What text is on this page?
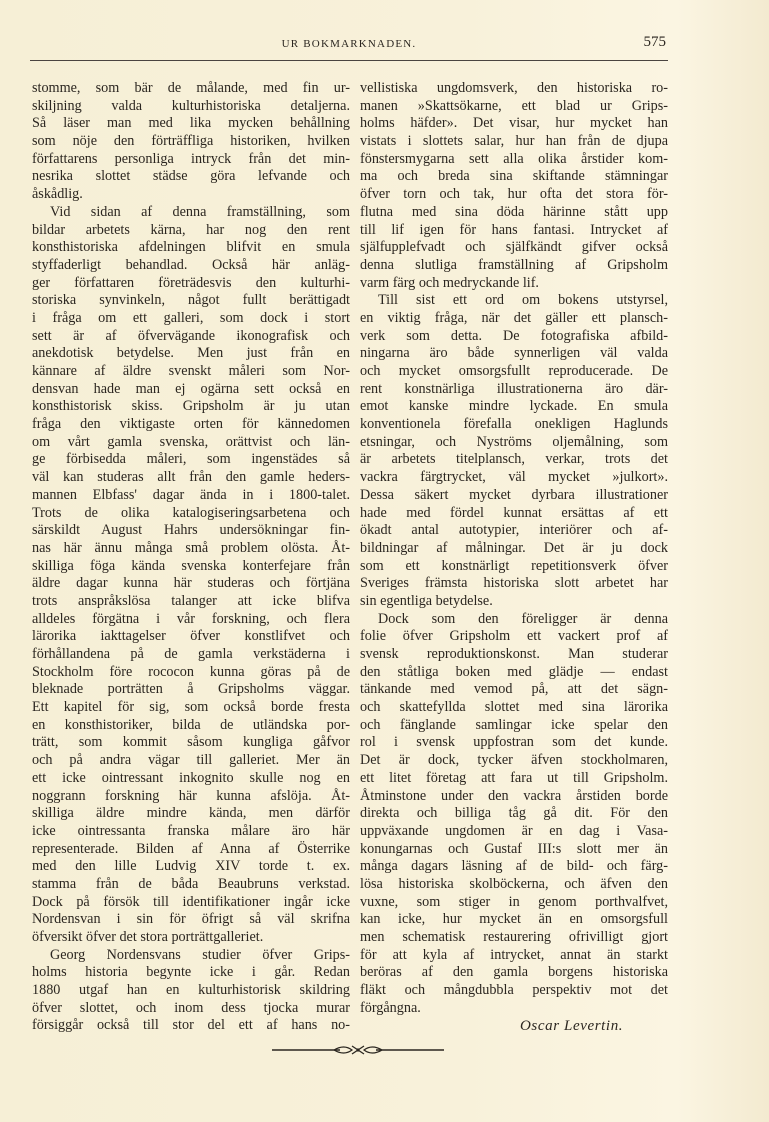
UR BOKMARKNADEN.	575
stomme, som bär de målande, med fin ur-
skiljning valda kulturhistoriska detaljerna.
Så läser man med lika mycken behållning
som nöje den förträffliga historiken, hvilken
författarens personliga intryck från det min-
nesrika slottet städse göra lefvande och
åskådlig.
Vid sidan af denna framställning, som
bildar arbetets kärna, har nog den rent
konsthistoriska afdelningen blifvit en smula
styffaderligt behandlad. Också här anläg-
ger författaren företrädesvis den kulturhi-
storiska synvinkeln, något fullt berättigadt
i fråga om ett galleri, som dock i stort
sett är af öfvervägande ikonografisk och
anekdotisk betydelse. Men just från en
kännare af äldre svenskt måleri som Nor-
densvan hade man ej ogärna sett också en
konsthistorisk skiss. Gripsholm är ju utan
fråga den viktigaste orten för kännedomen
om vårt gamla svenska, orättvist och län-
ge förbisedda måleri, som ingenstädes så
väl kan studeras allt från den gamle heders-
mannen Elbfass' dagar ända in i 1800-talet.
Trots de olika katalogiseringsarbetena och
särskildt August Hahrs undersökningar fin-
nas här ännu många små problem olösta. Åt-
skilliga föga kända svenska konterfejare från
äldre dagar kunna här studeras och förtjäna
trots anspråkslösa talanger att icke blifva
alldeles förgätna i vår forskning, och flera
lärorika iakttagelser öfver konstlifvet och
förhållandena på de gamla verkstäderna i
Stockholm före rococon kunna göras på de
bleknade porträtten å Gripsholms väggar.
Ett kapitel för sig, som också borde fresta
en konsthistoriker, bilda de utländska por-
trätt, som kommit såsom kungliga gåfvor
och på andra vägar till galleriet. Mer än
ett icke ointressant inkognito skulle nog en
noggrann forskning här kunna afslöja. Åt-
skilliga äldre mindre kända, men därför
icke ointressanta franska målare äro här
representerade. Bilden af Anna af Österrike
med den lille Ludvig XIV torde t. ex.
stamma från de båda Beaubruns verkstad.
Dock på försök till identifikationer ingår icke
Nordensvan i sin för öfrigt så väl skrifna
öfversikt öfver det stora porträttgalleriet.
Georg Nordensvans studier öfver Grips-
holms historia begynte icke i går. Redan
1880 utgaf han en kulturhistorisk skildring
öfver slottet, och inom dess tjocka murar
försiggår också till stor del ett af hans no-
vellistiska ungdomsverk, den historiska ro-
manen »Skattsökarne, ett blad ur Grips-
holms häfder». Det visar, hur mycket han
vistats i slottets salar, hur han från de djupa
fönstersmygarna sett alla olika årstider kom-
ma och breda sina skiftande stämningar
öfver torn och tak, hur ofta det stora för-
flutna med sina döda härinne stått upp
till lif igen för hans fantasi. Intrycket af
själfupplefvadt och själfkändt gifver också
denna slutliga framställning af Gripsholm
varm färg och medryckande lif.
Till sist ett ord om bokens utstyrsel,
en viktig fråga, när det gäller ett plansch-
verk som detta. De fotografiska afbild-
ningarna äro både synnerligen väl valda
och mycket omsorgsfullt reproducerade. De
rent konstnärliga illustrationerna äro där-
emot kanske mindre lyckade. En smula
konventionela förefalla onekligen Haglunds
etsningar, och Nyströms oljemålning, som
är arbetets titelplansch, verkar, trots det
vackra färgtrycket, väl mycket »julkort».
Dessa säkert mycket dyrbara illustrationer
hade med fördel kunnat ersättas af ett
ökadt antal autotypier, interiörer och af-
bildningar af målningar. Det är ju dock
som ett konstnärligt repetitionsverk öfver
Sveriges främsta historiska slott arbetet har
sin egentliga betydelse.
Dock som den föreligger är denna
folie öfver Gripsholm ett vackert prof af
svensk reproduktionskonst. Man studerar
den ståtliga boken med glädje — endast
tänkande med vemod på, att det sägn-
och skattefyllda slottet med sina lärorika
och fänglande samlingar icke spelar den
rol i svensk uppfostran som det kunde.
Det är dock, tycker äfven stockholmaren,
ett litet företag att fara ut till Gripsholm.
Åtminstone under den vackra årstiden borde
direkta och billiga tåg gå dit. För den
uppväxande ungdomen är en dag i Vasa-
konungarnas och Gustaf III:s slott mer än
många dagars läsning af de bild- och färg-
lösa historiska skolböckerna, och äfven den
vuxne, som stiger in genom porthvalfvet,
kan icke, hur mycket än en omsorgsfull
men schematisk restaurering ofrivilligt gjort
för att kyla af intrycket, annat än starkt
beröras af den gamla borgens historiska
fläkt och mångdubbla perspektiv mot det
förgångna.
Oscar Levertin.
